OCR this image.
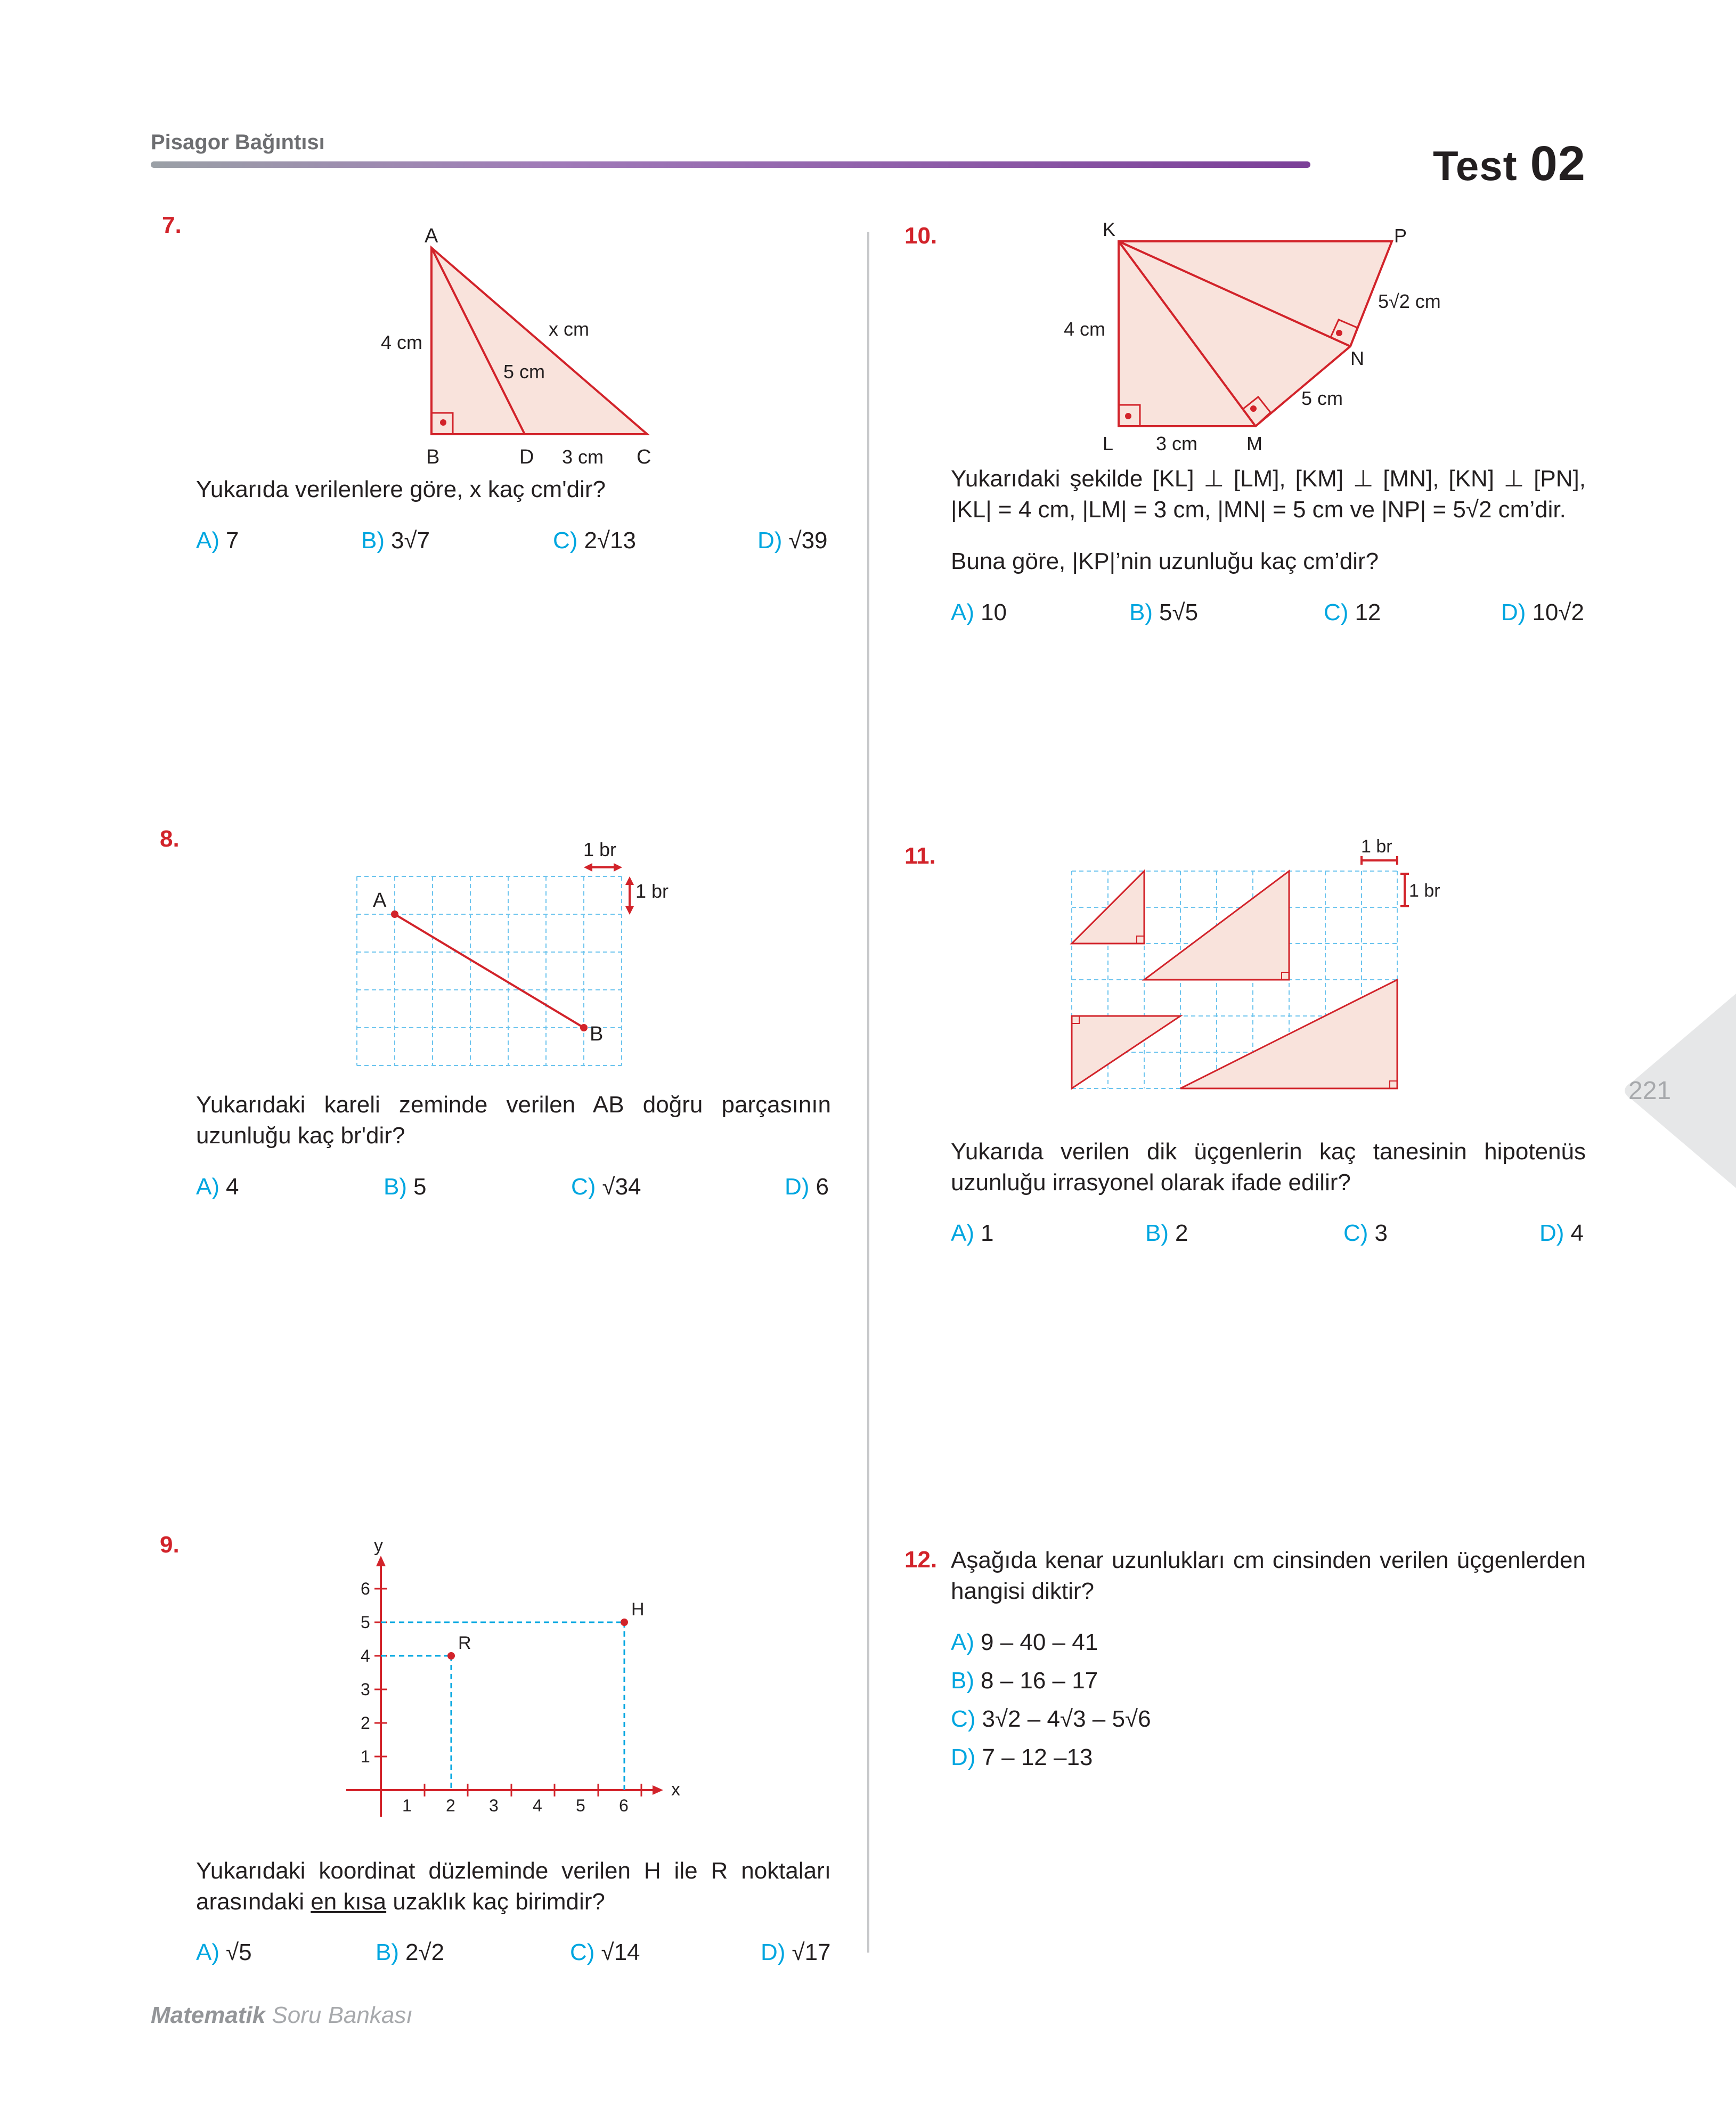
Pisagor Bağıntısı	Test 02
221
7.	A
B	D	C
4 cm
5 cm
x cm
3 cm
Yukarıda verilenlere göre, x kaç cm'dir?
A) 7	B) 3√7	C) 2√13	D) √39
8.
A
B
1 br
1 br
Yukarıdaki kareli zeminde verilen AB doğru parçasının uzunluğu kaç br'dir?
A) 4	B) 5	C) √34	D) 6
9.
H
R
x
y
1 2 3 4 5 6
1
2
3
4
5
6
Yukarıdaki koordinat düzleminde verilen H ile R noktaları arasındaki en kısa uzaklık kaç birimdir?
A) √5	B) 2√2	C) √14	D) √17
10.	K
L	M
N
P
4 cm
3 cm
5 cm
5√2 cm
Yukarıdaki şekilde [KL] ⊥ [LM], [KM] ⊥ [MN], [KN] ⊥ [PN], |KL| = 4 cm, |LM| = 3 cm, |MN| = 5 cm ve |NP| = 5√2 cm’dir.
Buna göre, |KP|’nin uzunluğu kaç cm’dir?
A) 10	B) 5√5	C) 12	D) 10√2
11.	1 br
1 br
Yukarıda verilen dik üçgenlerin kaç tanesinin hipotenüs uzunluğu irrasyonel olarak ifade edilir?
A) 1	B) 2	C) 3	D) 4
12. Aşağıda kenar uzunlukları cm cinsinden verilen üçgenlerden hangisi diktir?
A) 9 – 40 – 41
B) 8 – 16 – 17
C) 3√2 – 4√3 – 5√6
D) 7 – 12 –13
Matematik Soru Bankası
